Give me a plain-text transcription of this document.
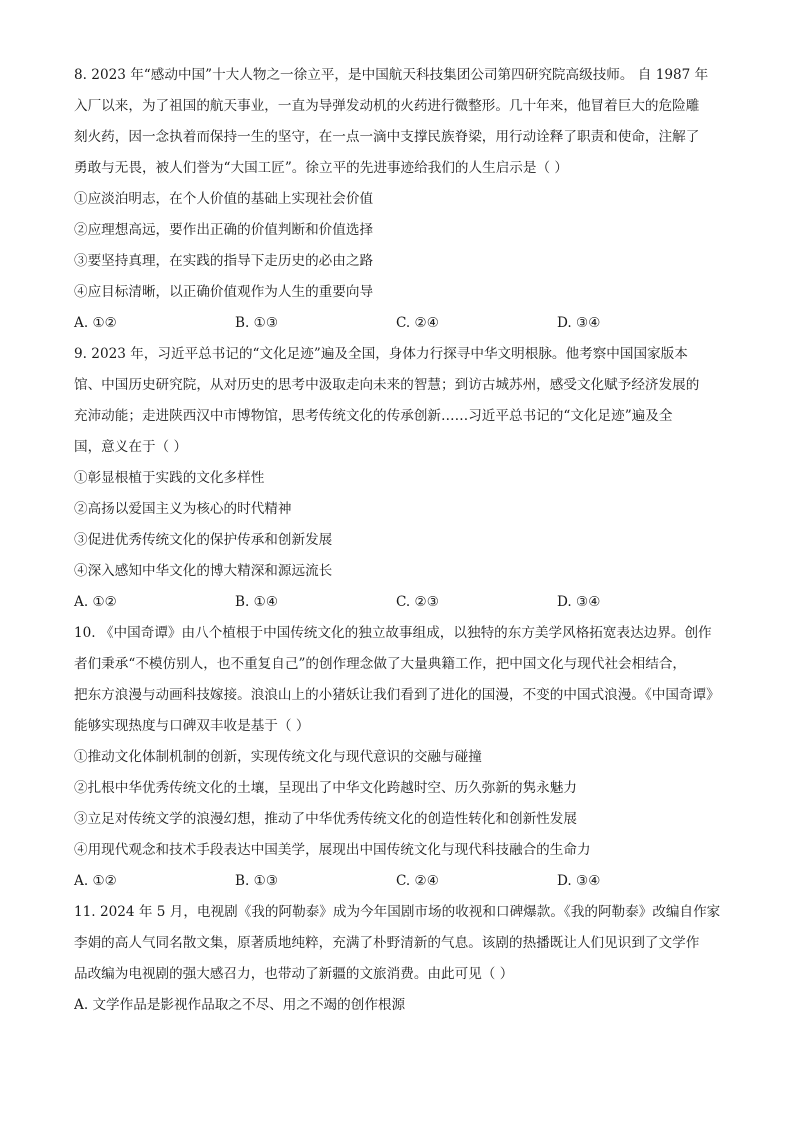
8. 2023 年“感动中国”十大人物之一徐立平，是中国航天科技集团公司第四研究院高级技师。 自 1987 年
入厂以来，为了祖国的航天事业，一直为导弹发动机的火药进行微整形。几十年来，他冒着巨大的危险雕
刻火药，因一念执着而保持一生的坚守，在一点一滴中支撑民族脊梁，用行动诠释了职责和使命，注解了
勇敢与无畏，被人们誉为“大国工匠”。徐立平的先进事迹给我们的人生启示是（ ）
①应淡泊明志，在个人价值的基础上实现社会价值
②应理想高远，要作出正确的价值判断和价值选择
③要坚持真理，在实践的指导下走历史的必由之路
④应目标清晰，以正确价值观作为人生的重要向导
A. ①②	B. ①③	C. ②④	D. ③④
9. 2023 年，习近平总书记的“文化足迹”遍及全国，身体力行探寻中华文明根脉。他考察中国国家版本
馆、中国历史研究院，从对历史的思考中汲取走向未来的智慧；到访古城苏州，感受文化赋予经济发展的
充沛动能；走进陕西汉中市博物馆，思考传统文化的传承创新……习近平总书记的“文化足迹”遍及全
国，意义在于（ ）
①彰显根植于实践的文化多样性
②高扬以爱国主义为核心的时代精神
③促进优秀传统文化的保护传承和创新发展
④深入感知中华文化的博大精深和源远流长
A. ①②	B. ①④	C. ②③	D. ③④
10. 《中国奇谭》由八个植根于中国传统文化的独立故事组成，以独特的东方美学风格拓宽表达边界。创作
者们秉承“不模仿别人，也不重复自己”的创作理念做了大量典籍工作，把中国文化与现代社会相结合，
把东方浪漫与动画科技嫁接。浪浪山上的小猪妖让我们看到了进化的国漫，不变的中国式浪漫。《中国奇谭》
能够实现热度与口碑双丰收是基于（ ）
①推动文化体制机制的创新，实现传统文化与现代意识的交融与碰撞
②扎根中华优秀传统文化的土壤，呈现出了中华文化跨越时空、历久弥新的隽永魅力
③立足对传统文学的浪漫幻想，推动了中华优秀传统文化的创造性转化和创新性发展
④用现代观念和技术手段表达中国美学，展现出中国传统文化与现代科技融合的生命力
A. ①②	B. ①③	C. ②④	D. ③④
11. 2024 年 5 月，电视剧《我的阿勒泰》成为今年国剧市场的收视和口碑爆款。《我的阿勒泰》改编自作家
李娟的高人气同名散文集，原著质地纯粹，充满了朴野清新的气息。该剧的热播既让人们见识到了文学作
品改编为电视剧的强大感召力，也带动了新疆的文旅消费。由此可见（ ）
A. 文学作品是影视作品取之不尽、用之不竭的创作根源
